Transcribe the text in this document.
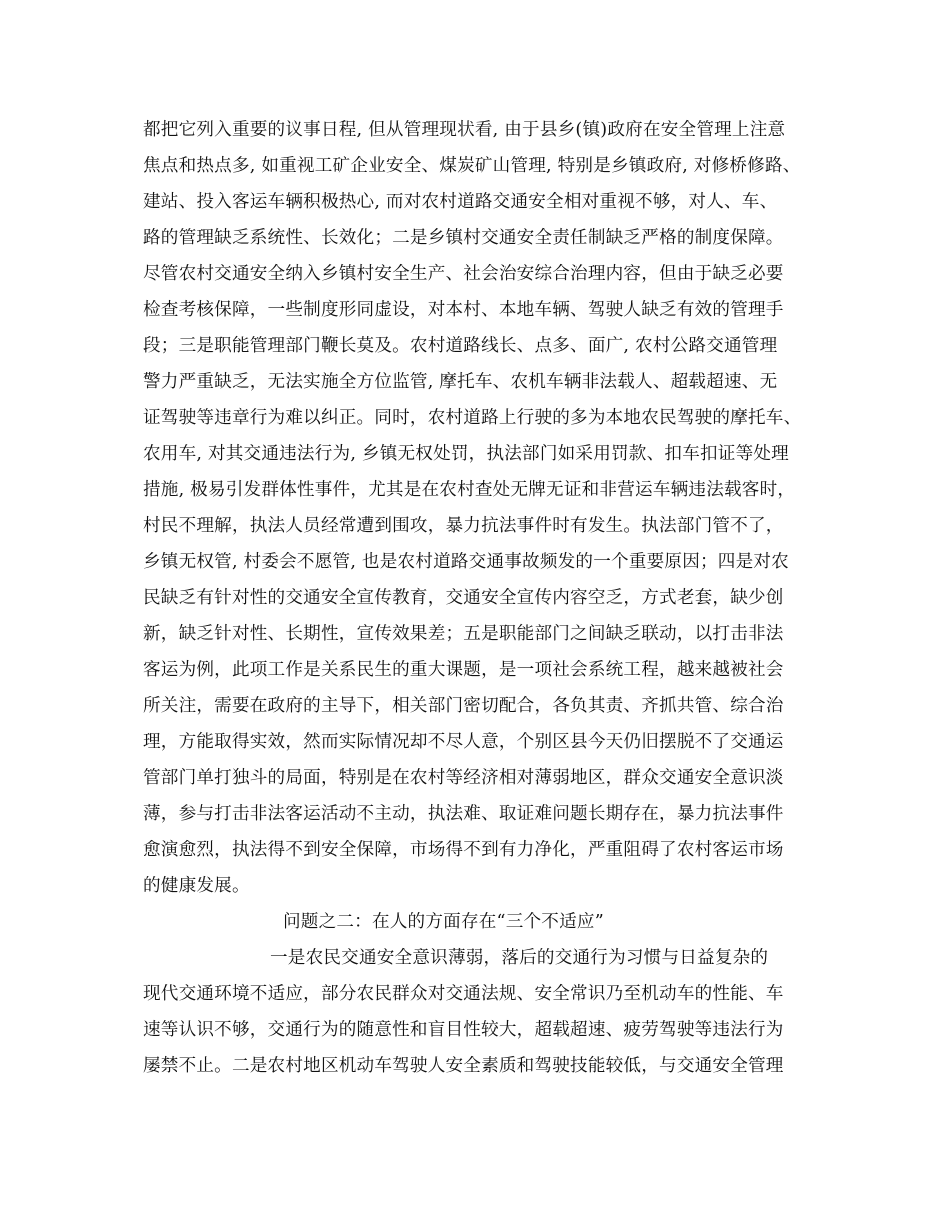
都把它列入重要的议事日程, 但从管理现状看, 由于县乡(镇)政府在安全管理上注意
焦点和热点多, 如重视工矿企业安全、煤炭矿山管理, 特别是乡镇政府, 对修桥修路、
建站、投入客运车辆积极热心, 而对农村道路交通安全相对重视不够，对人、车、
路的管理缺乏系统性、长效化；二是乡镇村交通安全责任制缺乏严格的制度保障。
尽管农村交通安全纳入乡镇村安全生产、社会治安综合治理内容，但由于缺乏必要
检查考核保障，一些制度形同虚设，对本村、本地车辆、驾驶人缺乏有效的管理手
段；三是职能管理部门鞭长莫及。农村道路线长、点多、面广, 农村公路交通管理
警力严重缺乏，无法实施全方位监管, 摩托车、农机车辆非法载人、超载超速、无
证驾驶等违章行为难以纠正。同时，农村道路上行驶的多为本地农民驾驶的摩托车、
农用车, 对其交通违法行为, 乡镇无权处罚，执法部门如采用罚款、扣车扣证等处理
措施, 极易引发群体性事件，尤其是在农村查处无牌无证和非营运车辆违法载客时，
村民不理解，执法人员经常遭到围攻，暴力抗法事件时有发生。执法部门管不了，
乡镇无权管, 村委会不愿管, 也是农村道路交通事故频发的一个重要原因；四是对农
民缺乏有针对性的交通安全宣传教育，交通安全宣传内容空乏，方式老套，缺少创
新，缺乏针对性、长期性，宣传效果差；五是职能部门之间缺乏联动，以打击非法
客运为例，此项工作是关系民生的重大课题，是一项社会系统工程，越来越被社会
所关注，需要在政府的主导下，相关部门密切配合，各负其责、齐抓共管、综合治
理，方能取得实效，然而实际情况却不尽人意，个别区县今天仍旧摆脱不了交通运
管部门单打独斗的局面，特别是在农村等经济相对薄弱地区，群众交通安全意识淡
薄，参与打击非法客运活动不主动，执法难、取证难问题长期存在，暴力抗法事件
愈演愈烈，执法得不到安全保障，市场得不到有力净化，严重阻碍了农村客运市场
的健康发展。
问题之二：在人的方面存在“三个不适应”
一是农民交通安全意识薄弱，落后的交通行为习惯与日益复杂的
现代交通环境不适应，部分农民群众对交通法规、安全常识乃至机动车的性能、车
速等认识不够，交通行为的随意性和盲目性较大，超载超速、疲劳驾驶等违法行为
屡禁不止。二是农村地区机动车驾驶人安全素质和驾驶技能较低，与交通安全管理
